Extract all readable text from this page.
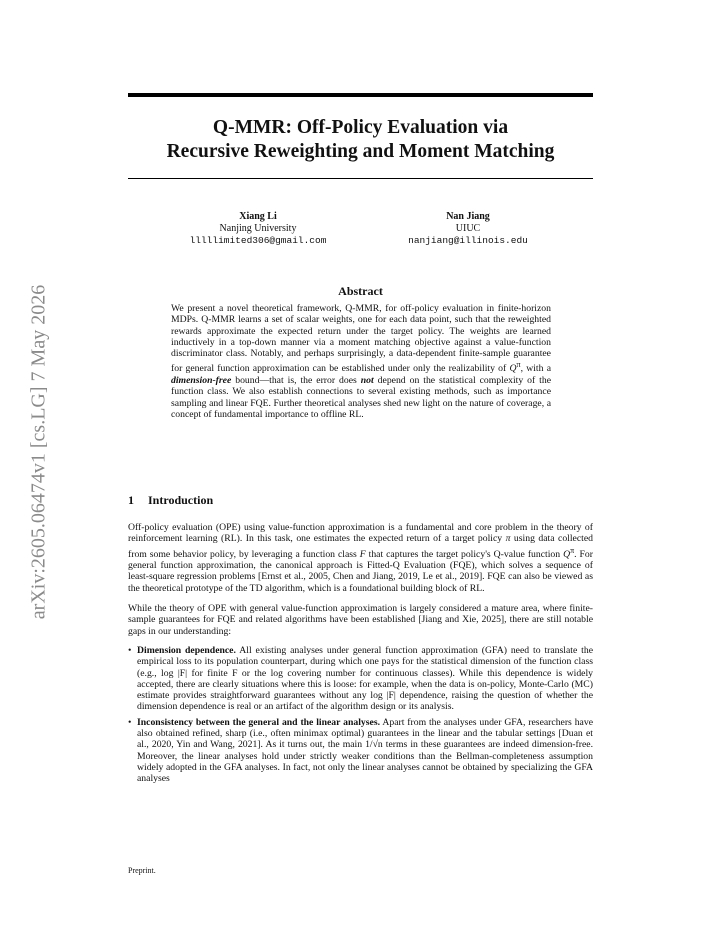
arXiv:2605.06474v1 [cs.LG] 7 May 2026
Q-MMR: Off-Policy Evaluation via
Recursive Reweighting and Moment Matching
Xiang Li
Nanjing University
lllllimited306@gmail.com
Nan Jiang
UIUC
nanjiang@illinois.edu
Abstract

We present a novel theoretical framework, Q-MMR, for off-policy evaluation in finite-horizon MDPs. Q-MMR learns a set of scalar weights, one for each data point, such that the reweighted rewards approximate the expected return under the target policy. The weights are learned inductively in a top-down manner via a moment matching objective against a value-function discriminator class. Notably, and perhaps surprisingly, a data-dependent finite-sample guarantee for general function approximation can be established under only the realizability of $Q^\pi$, with a dimension-free bound—that is, the error does not depend on the statistical complexity of the function class. We also establish connections to several existing methods, such as importance sampling and linear FQE. Further theoretical analyses shed new light on the nature of coverage, a concept of fundamental importance to offline RL.

1 Introduction

Off-policy evaluation (OPE) using value-function approximation is a fundamental and core problem in the theory of reinforcement learning (RL). In this task, one estimates the expected return of a target policy π using data collected from some behavior policy, by leveraging a function class F that captures the target policy's Q-value function $Q^\pi$. For general function approximation, the canonical approach is Fitted-Q Evaluation (FQE), which solves a sequence of least-square regression problems [Ernst et al., 2005, Chen and Jiang, 2019, Le et al., 2019]. FQE can also be viewed as the theoretical prototype of the TD algorithm, which is a foundational building block of RL.

While the theory of OPE with general value-function approximation is largely considered a mature area, where finite-sample guarantees for FQE and related algorithms have been established [Jiang and Xie, 2025], there are still notable gaps in our understanding:

• Dimension dependence. All existing analyses under general function approximation (GFA) need to translate the empirical loss to its population counterpart, during which one pays for the statistical dimension of the function class (e.g., log |F| for finite F or the log covering number for continuous classes). While this dependence is widely accepted, there are clearly situations where this is loose: for example, when the data is on-policy, Monte-Carlo (MC) estimate provides straightforward guarantees without any log |F| dependence, raising the question of whether the dimension dependence is real or an artifact of the algorithm design or its analysis.
• Inconsistency between the general and the linear analyses. Apart from the analyses under GFA, researchers have also obtained refined, sharp (i.e., often minimax optimal) guarantees in the linear and the tabular settings [Duan et al., 2020, Yin and Wang, 2021]. As it turns out, the main 1/√n terms in these guarantees are indeed dimension-free. Moreover, the linear analyses hold under strictly weaker conditions than the Bellman-completeness assumption widely adopted in the GFA analyses. In fact, not only the linear analyses cannot be obtained by specializing the GFA analyses
Preprint.
